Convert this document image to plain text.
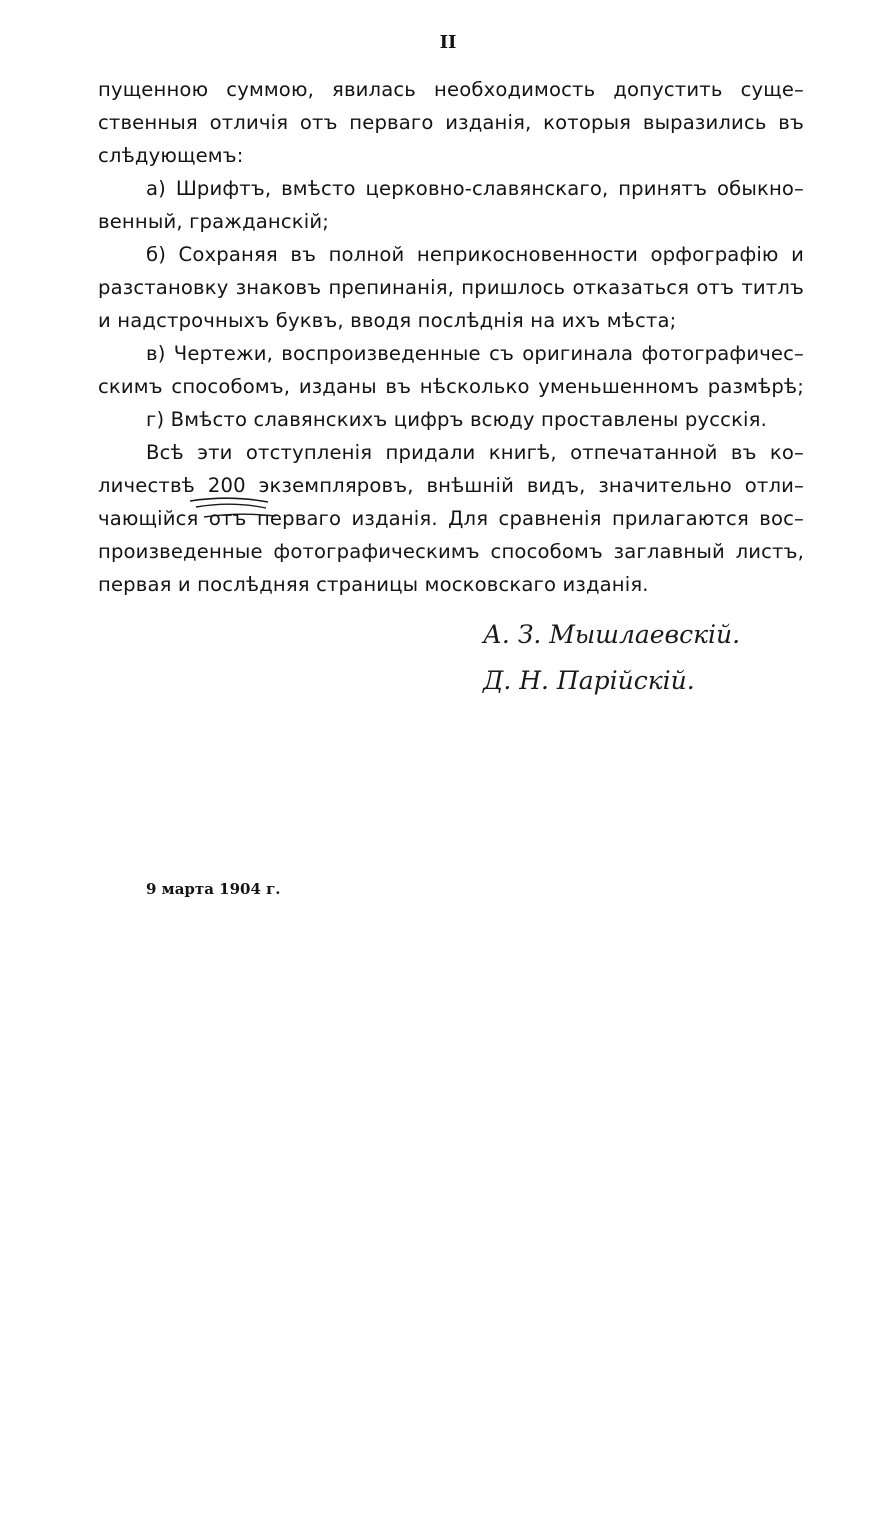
II
пущенною суммою, явилась необходимость допустить суще–
ственныя отличія отъ перваго изданія, которыя выразились въ
слѣдующемъ:
а) Шрифтъ, вмѣсто церковно-славянскаго, принятъ обыкно–
венный, гражданскій;
б) Сохраняя въ полной неприкосновенности орфографію и
разстановку знаковъ препинанія, пришлось отказаться отъ титлъ
и надстрочныхъ буквъ, вводя послѣднія на ихъ мѣста;
в) Чертежи, воспроизведенные съ оригинала фотографичес–
скимъ способомъ, изданы въ нѣсколько уменьшенномъ размѣрѣ;
г) Вмѣсто славянскихъ цифръ всюду проставлены русскія.
Всѣ эти отступленія придали книгѣ, отпечатанной въ ко–
личествѣ 200 экземпляровъ, внѣшній видъ, значительно отли–
чающійся отъ перваго изданія. Для сравненія прилагаются вос–
произведенные фотографическимъ способомъ заглавный листъ,
первая и послѣдняя страницы московскаго изданія.
А. З. Мышлаевскій.
Д. Н. Парійскій.
9 марта 1904 г.
